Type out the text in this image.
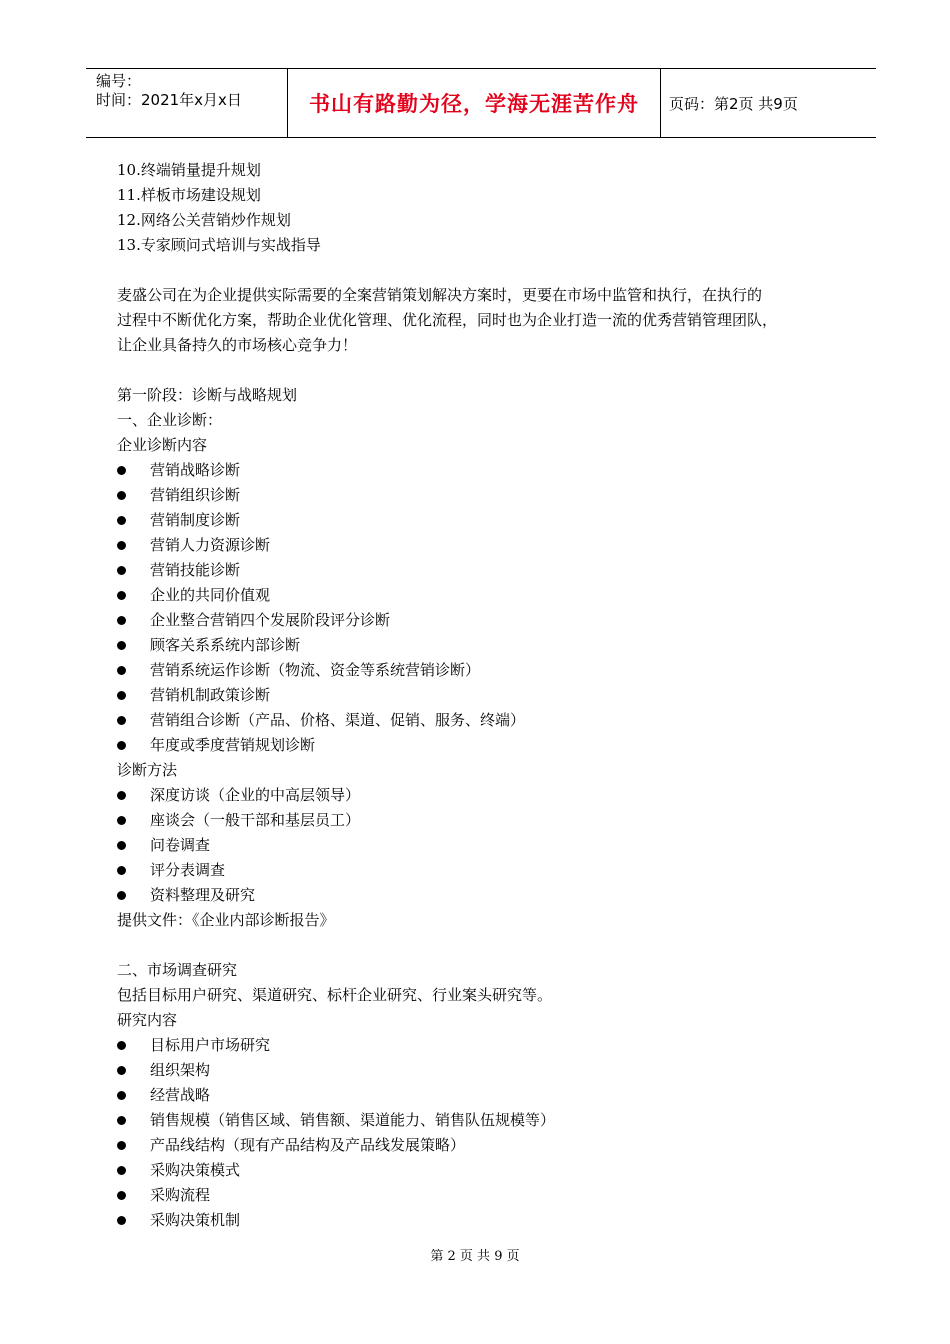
编号：
时间：2021年x月x日	书山有路勤为径，学海无涯苦作舟	页码：第2页 共9页
10.终端销量提升规划
11.样板市场建设规划
12.网络公关营销炒作规划
13.专家顾问式培训与实战指导
麦盛公司在为企业提供实际需要的全案营销策划解决方案时，更要在市场中监管和执行，在执行的
过程中不断优化方案，帮助企业优化管理、优化流程，同时也为企业打造一流的优秀营销管理团队，
让企业具备持久的市场核心竞争力！
第一阶段：诊断与战略规划
一、企业诊断：
企业诊断内容
营销战略诊断
营销组织诊断
营销制度诊断
营销人力资源诊断
营销技能诊断
企业的共同价值观
企业整合营销四个发展阶段评分诊断
顾客关系系统内部诊断
营销系统运作诊断（物流、资金等系统营销诊断）
营销机制政策诊断
营销组合诊断（产品、价格、渠道、促销、服务、终端）
年度或季度营销规划诊断
诊断方法
深度访谈（企业的中高层领导）
座谈会（一般干部和基层员工）
问卷调查
评分表调查
资料整理及研究
提供文件：《企业内部诊断报告》
二、市场调查研究
包括目标用户研究、渠道研究、标杆企业研究、行业案头研究等。
研究内容
目标用户市场研究
组织架构
经营战略
销售规模（销售区域、销售额、渠道能力、销售队伍规模等）
产品线结构（现有产品结构及产品线发展策略）
采购决策模式
采购流程
采购决策机制
第 2 页 共 9 页
